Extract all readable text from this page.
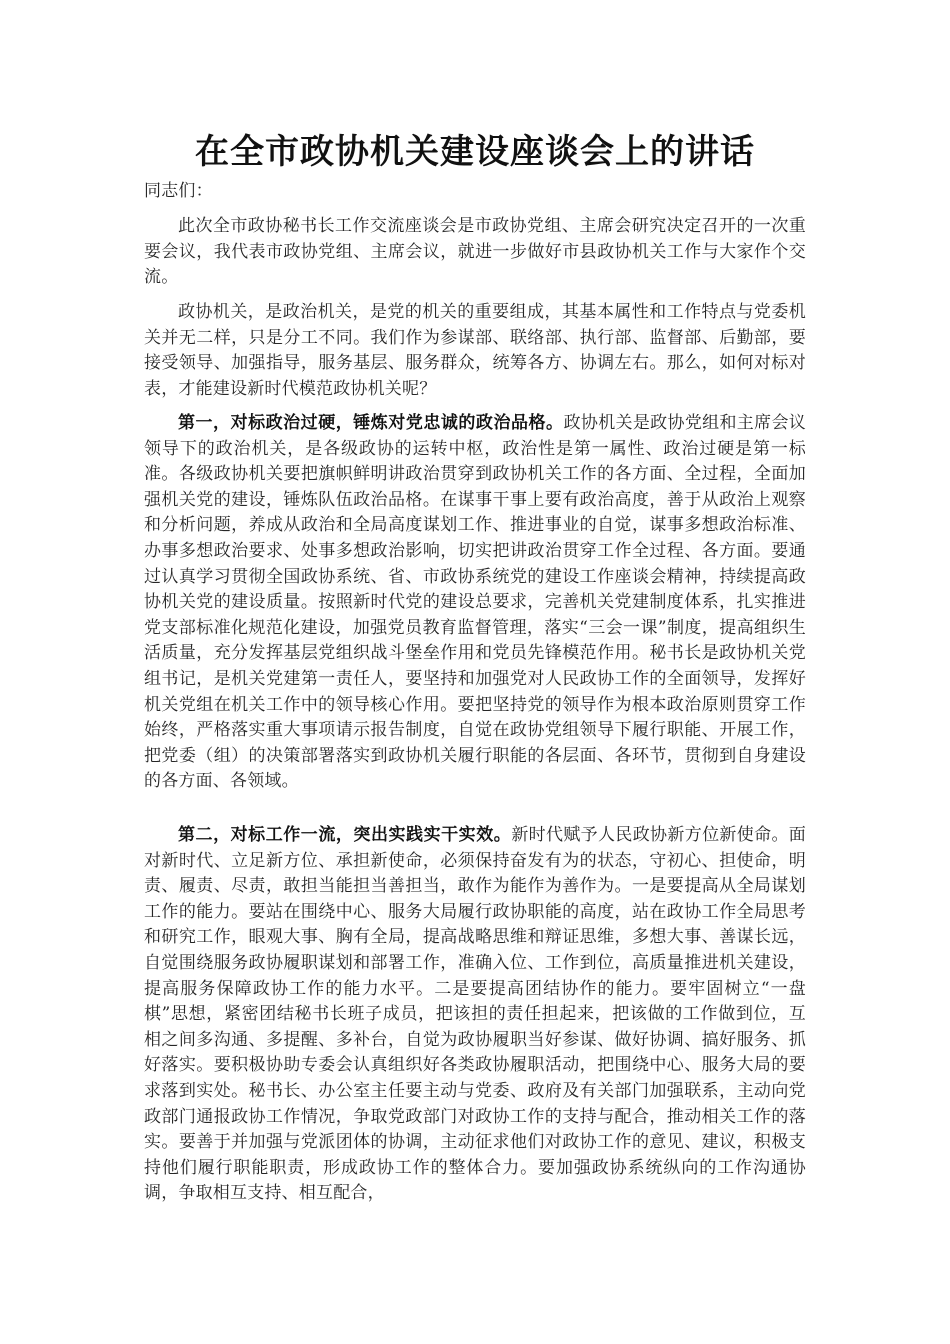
在全市政协机关建设座谈会上的讲话
同志们：

此次全市政协秘书长工作交流座谈会是市政协党组、主席会研究决定召开的一次重要会议，我代表市政协党组、主席会议，就进一步做好市县政协机关工作与大家作个交流。

政协机关，是政治机关，是党的机关的重要组成，其基本属性和工作特点与党委机关并无二样，只是分工不同。我们作为参谋部、联络部、执行部、监督部、后勤部，要接受领导、加强指导，服务基层、服务群众，统筹各方、协调左右。那么，如何对标对表，才能建设新时代模范政协机关呢？

第一，对标政治过硬，锤炼对党忠诚的政治品格。政协机关是政协党组和主席会议领导下的政治机关，是各级政协的运转中枢，政治性是第一属性、政治过硬是第一标准。各级政协机关要把旗帜鲜明讲政治贯穿到政协机关工作的各方面、全过程，全面加强机关党的建设，锤炼队伍政治品格。在谋事干事上要有政治高度，善于从政治上观察和分析问题，养成从政治和全局高度谋划工作、推进事业的自觉，谋事多想政治标准、办事多想政治要求、处事多想政治影响，切实把讲政治贯穿工作全过程、各方面。要通过认真学习贯彻全国政协系统、省、市政协系统党的建设工作座谈会精神，持续提高政协机关党的建设质量。按照新时代党的建设总要求，完善机关党建制度体系，扎实推进党支部标准化规范化建设，加强党员教育监督管理，落实“三会一课”制度，提高组织生活质量，充分发挥基层党组织战斗堡垒作用和党员先锋模范作用。秘书长是政协机关党组书记，是机关党建第一责任人，要坚持和加强党对人民政协工作的全面领导，发挥好机关党组在机关工作中的领导核心作用。要把坚持党的领导作为根本政治原则贯穿工作始终，严格落实重大事项请示报告制度，自觉在政协党组领导下履行职能、开展工作，把党委（组）的决策部署落实到政协机关履行职能的各层面、各环节，贯彻到自身建设的各方面、各领域。

第二，对标工作一流，突出实践实干实效。新时代赋予人民政协新方位新使命。面对新时代、立足新方位、承担新使命，必须保持奋发有为的状态，守初心、担使命，明责、履责、尽责，敢担当能担当善担当，敢作为能作为善作为。一是要提高从全局谋划工作的能力。要站在围绕中心、服务大局履行政协职能的高度，站在政协工作全局思考和研究工作，眼观大事、胸有全局，提高战略思维和辩证思维，多想大事、善谋长远，自觉围绕服务政协履职谋划和部署工作，准确入位、工作到位，高质量推进机关建设，提高服务保障政协工作的能力水平。二是要提高团结协作的能力。要牢固树立“一盘棋”思想，紧密团结秘书长班子成员，把该担的责任担起来，把该做的工作做到位，互相之间多沟通、多提醒、多补台，自觉为政协履职当好参谋、做好协调、搞好服务、抓好落实。要积极协助专委会认真组织好各类政协履职活动，把围绕中心、服务大局的要求落到实处。秘书长、办公室主任要主动与党委、政府及有关部门加强联系，主动向党政部门通报政协工作情况，争取党政部门对政协工作的支持与配合，推动相关工作的落实。要善于并加强与党派团体的协调，主动征求他们对政协工作的意见、建议，积极支持他们履行职能职责，形成政协工作的整体合力。要加强政协系统纵向的工作沟通协调，争取相互支持、相互配合，
